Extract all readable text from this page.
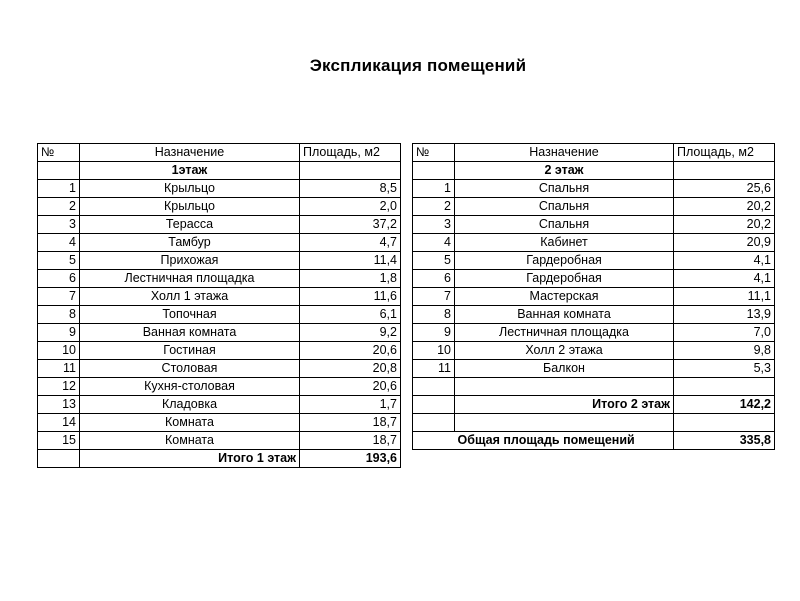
Экспликация помещений
№	Назначение	Площадь, м2
	1этаж	
1	Крыльцо	8,5
2	Крыльцо	2,0
3	Терасса	37,2
4	Тамбур	4,7
5	Прихожая	11,4
6	Лестничная площадка	1,8
7	Холл 1 этажа	11,6
8	Топочная	6,1
9	Ванная комната	9,2
10	Гостиная	20,6
11	Столовая	20,8
12	Кухня-столовая	20,6
13	Кладовка	1,7
14	Комната	18,7
15	Комната	18,7
	Итого 1 этаж	193,6
№	Назначение	Площадь, м2
	2 этаж	
1	Спальня	25,6
2	Спальня	20,2
3	Спальня	20,2
4	Кабинет	20,9
5	Гардеробная	4,1
6	Гардеробная	4,1
7	Мастерская	11,1
8	Ванная комната	13,9
9	Лестничная площадка	7,0
10	Холл 2 этажа	9,8
11	Балкон	5,3

	Итого 2 этаж	142,2

	Общая площадь помещений	335,8
